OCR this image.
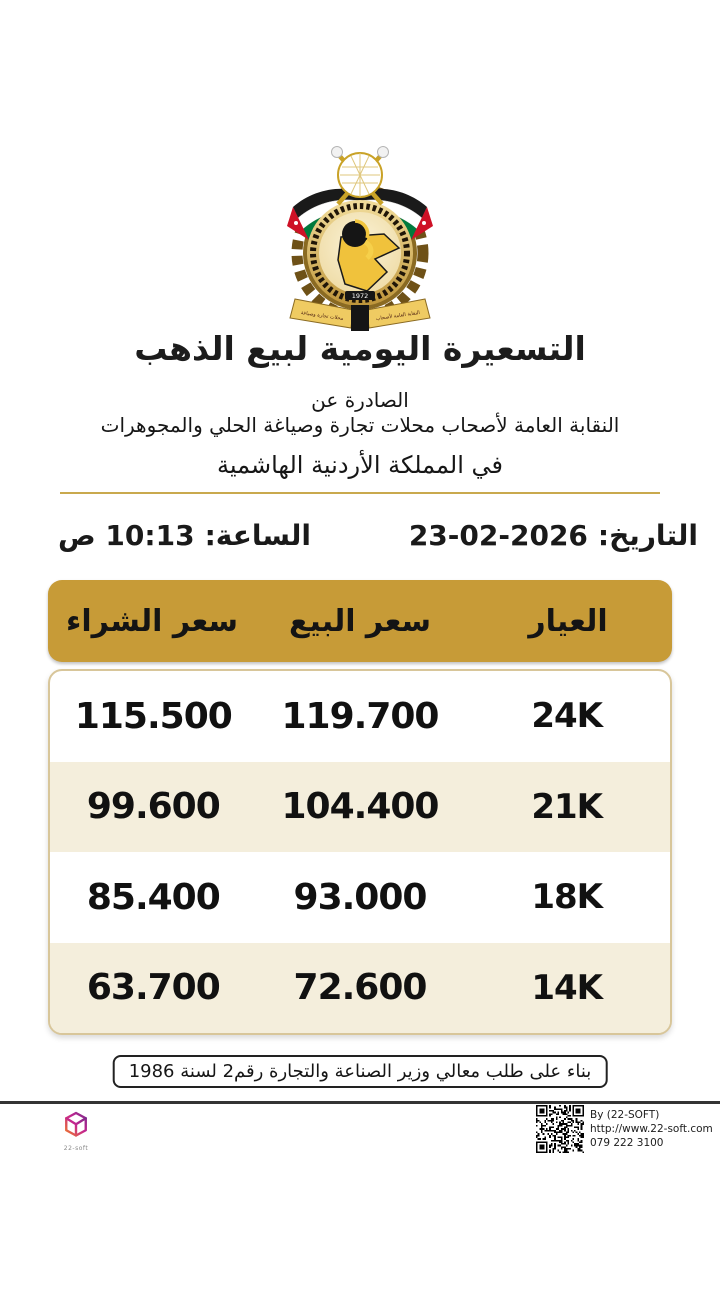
1972
النقابة العامة لأصحاب
محلات تجارة وصياغة
التسعيرة اليومية لبيع الذهب
الصادرة عن
النقابة العامة لأصحاب محلات تجارة وصياغة الحلي والمجوهرات
في المملكة الأردنية الهاشمية
التاريخ:
23-02-2026
الساعة:
10:13 ص
العيار
سعر البيع
سعر الشراء
24K
119.700
115.500
21K
104.400
99.600
18K
93.000
85.400
14K
72.600
63.700
بناء على طلب معالي وزير الصناعة والتجارة رقم2 لسنة 1986
22-soft
By (22-SOFT)
http://www.22-soft.com
079 222 3100
